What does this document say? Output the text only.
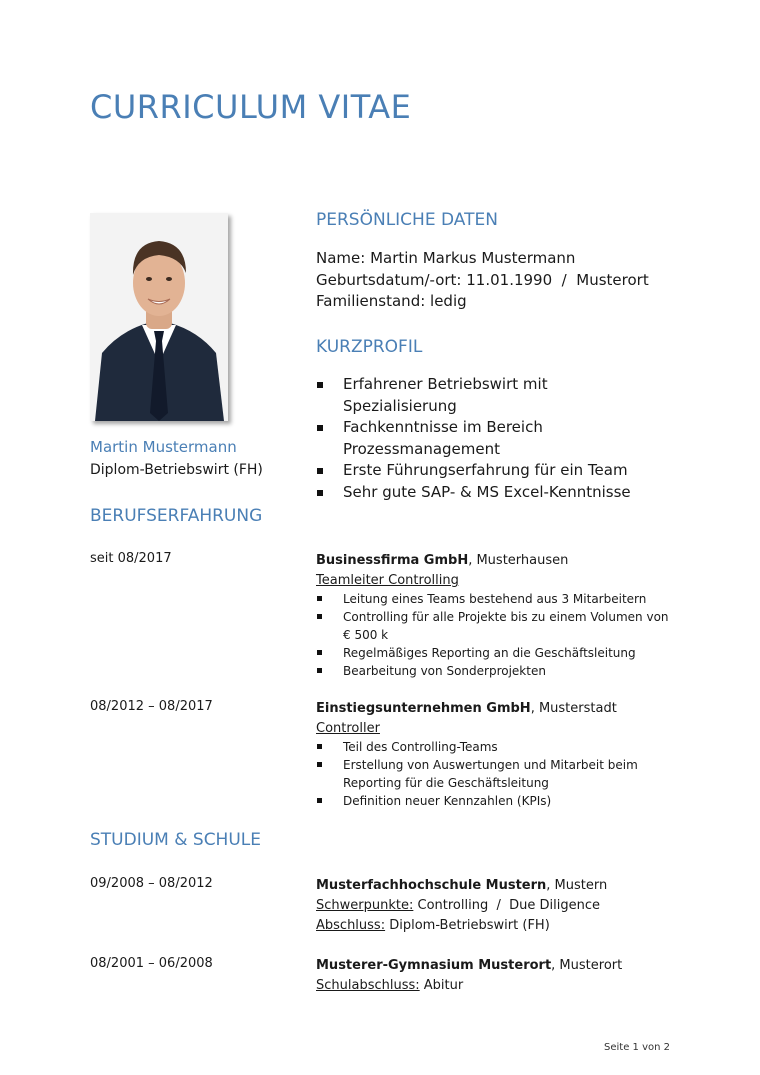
CURRICULUM VITAE
Martin Mustermann
Diplom-Betriebswirt (FH)
PERSÖNLICHE DATEN
Name: Martin Markus Mustermann
Geburtsdatum/-ort: 11.01.1990  /  Musterort
Familienstand: ledig
KURZPROFIL
Erfahrener Betriebswirt mit Spezialisierung
Fachkenntnisse im Bereich Prozessmanagement
Erste Führungserfahrung für ein Team
Sehr gute SAP- & MS Excel-Kenntnisse
BERUFSERFAHRUNG
seit 08/2017	Businessfirma GmbH, Musterhausen
Teamleiter Controlling
Leitung eines Teams bestehend aus 3 Mitarbeitern
Controlling für alle Projekte bis zu einem Volumen von € 500 k
Regelmäßiges Reporting an die Geschäftsleitung
Bearbeitung von Sonderprojekten
08/2012 – 08/2017	Einstiegsunternehmen GmbH, Musterstadt
Controller
Teil des Controlling-Teams
Erstellung von Auswertungen und Mitarbeit beim Reporting für die Geschäftsleitung
Definition neuer Kennzahlen (KPIs)
STUDIUM & SCHULE
09/2008 – 08/2012	Musterfachhochschule Mustern, Mustern
Schwerpunkte: Controlling  /  Due Diligence
Abschluss: Diplom-Betriebswirt (FH)
08/2001 – 06/2008	Musterer-Gymnasium Musterort, Musterort
Schulabschluss: Abitur
Seite 1 von 2
